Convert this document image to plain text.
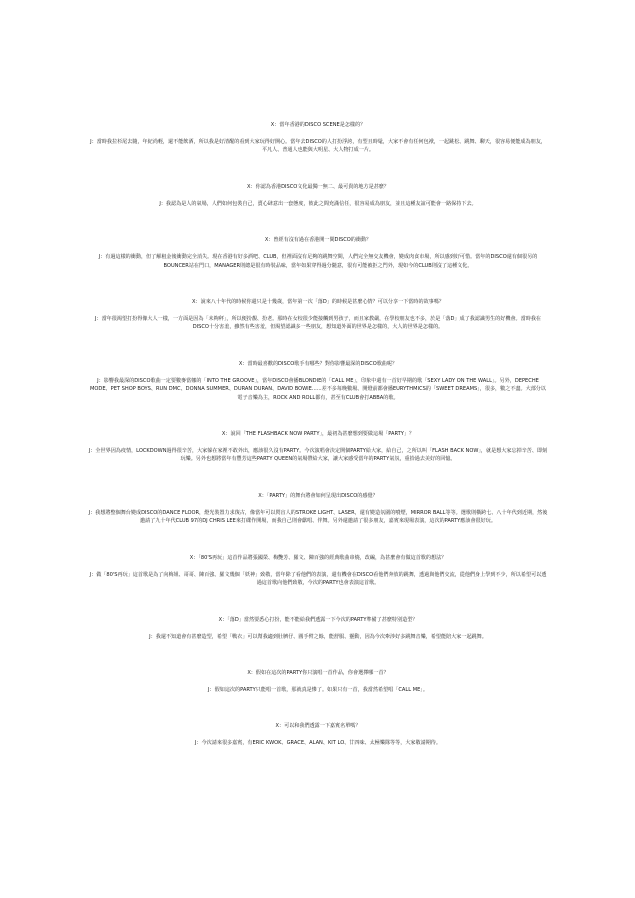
X：當年香港的DISCO SCENE是怎樣的？

J：當時我拉杉尾去隨，年紀尚輕，還不能飲酒，所以我是好清醒的看到大家玩得好開心。當年去DISCO的人打扮浮誇，有型且時髦，大家不會有任何包袱，一起跳松、跳舞、聊天，很容易便能成為朋友，平凡人、普通人也能與大明星、大人物打成一片。

X：你認為香港DISCO文化最獨一無二、最可貴的地方是甚麼？

J：我認為是人的氣場，人們如何包裝自己，賣心肆意出一套態度，彼此之間充滿信任，很容易成為朋友，並且這種友誼可能會一路保持下去。

X：曾經有沒有過在香港開一間DISCO的衝動？

J：有過這樣的衝動，但了解租金後衝動完全消失。現在香港有好多酒吧、CLUB，但裡面沒有足夠的跳舞空間，人們完全無交友機會，變成肉食市場，所以感到好可惜。當年的DISCO還有個很另的BOUNCER站在門口，MANAGER則總是很有時裝品味，當年如果穿得過分隨意，很有可能被拒之門外，現如今的CLUB則沒了這種文化。

X：說來八十年代的時候你還只是十幾歲，當年第一次「落D」的時候是甚麼心情？可以分享一下當時的故事嗎？

J：當年很渴望打扮得像大人一樣，一方面是因為「未夠秤」，所以便扮靚、扮老。那時在女校很少能接觸到男孩子，而且家教嚴，在學校朋友也不多，於是「落D」成了我認識男生的好機會。當時我在DISCO十分害羞，雖然有些害羞，但渴望認識多一些朋友，想知道外面的世界是怎樣的，大人的世界是怎樣的。

X：當時最喜歡的DISCO歌手有哪些？對你影響最深的DISCO歌曲呢？

J：影響我最深的DISCO歌曲一定要數麥當娜的「INTO THE GROOVE」，當年DISCO會播BLONDIE的「CALL ME」，印象中還有一首好早期的歌「SEXY LADY ON THE WALL」。另外，DEPECHE MODE、PET SHOP BOYS、RUN DMC、DONNA SUMMER、DURAN DURAN、DAVID BOWIE......差不多每晚數場、開燈前都會播EURYTHMICS的「SWEET DREAMS」，很多，數之不盡。大部分以電子音樂為主，ROCK AND ROLL都有，甚至有CLUB會打ABBA的歌。

X：說回「THE FLASHBACK NOW PARTY」，最初為甚麼想到要做這場「PARTY」？

J：全世界因為疫情，LOCKDOWN過得很辛苦，大家躲在家裡不敢外出，應該很久沒有PARTY。今次演唱會決定開個PARTY給大家，給自己，之所以叫「FLASH BACK NOW」，就是想大家忘掉辛苦、即刻玩樂。另外也想將當年有豐芳這些PARTY QUEEN的氣場帶給大家，讓大家感受當年的PARTY氣氛，重拾過去美好的回憶。

X：「PARTY」的舞台將會如何呈現出DISCO的感覺？

J：我想將整個舞台變成DISCO的DANCE FLOOR，燈光裝置力求復古，像當年可以閃盲人的STROKE LIGHT、LASER，還有變造氛圍的噴煙，MIRROR BALL等等。選歌則橫跨七、八十年代到近期，然後邀請了九十年代CLUB 97的DJ CHRIS LEE來打碟作開場，而我自己則會獻唱、伴舞。另外還邀請了很多朋友，嘉賓來現場表演，這次的PARTY應該會很好玩。

X：「80'S再玩」這首作品將張國榮、梅艷芳、羅文、陳百強的經典歌曲串燒，改編，為甚麼會有做這首歌的想法？

J：做「80'S再玩」這首歌是為了向梅姐、哥哥、陳百強、羅文幾個「妖神」致敬，當年除了看他們的表演，還有機會在DISCO看他們奔放的跳舞，透過與他們交流，從他們身上學到不少，所以希望可以透過這首歌向他們致敬，今次的PARTY也會表演這首歌。

X：「落D」當然要悉心打扮，能不能給我們透露一下今次的PARTY準備了甚麼特別造型？

J：我還不知道會有甚麼造型，希望「戰衣」可以幫我適到肚臍仔、圓手臂之餘，能舒服、靈動，因為今次牽涉好多跳舞音樂，希望能陪大家一起跳舞。

X：假如在這次的PARTY你只演唱一首作品，你會選擇哪一首？

J：假如這次的PARTY只能唱一首歌，那就真是慘了。如果只有一首，我當然希望唱「CALL ME」。

X：可以和我們透露一下嘉賓名單嗎？

J：今次請來很多嘉賓，有ERIC KWOK、GRACE、ALAN、KIT LO、廿四味、太極樂隊等等，大家敬請期待。
